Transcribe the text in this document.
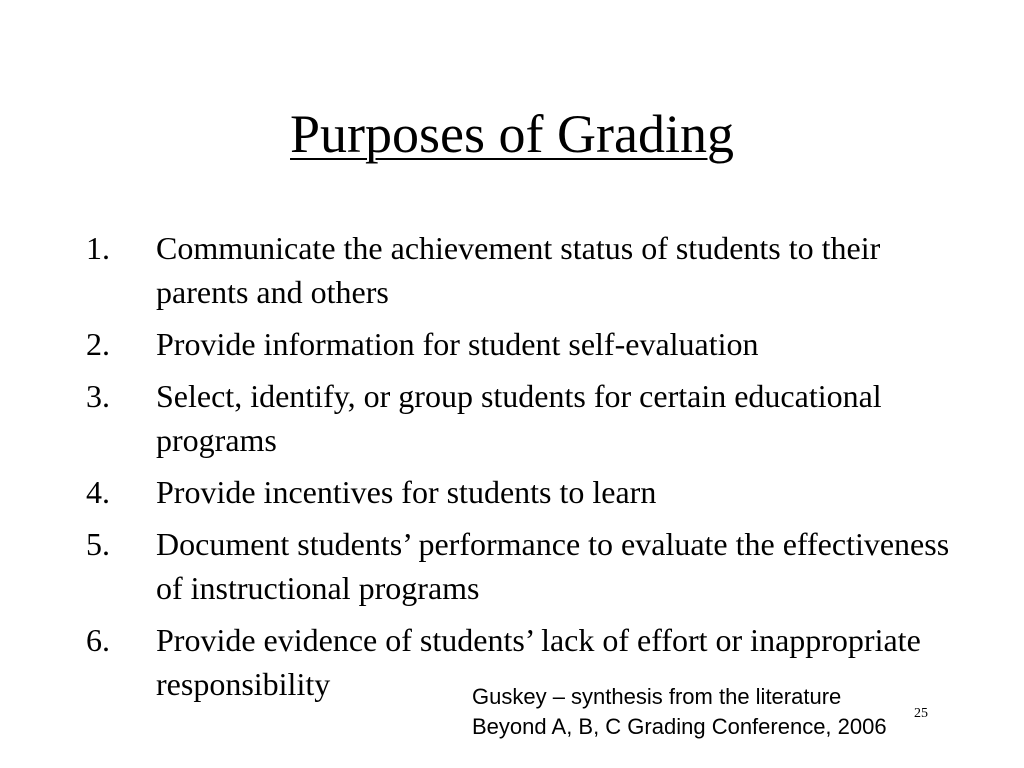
Purposes of Grading
1.	Communicate the achievement status of students to their parents and others
2.	Provide information for student self-evaluation
3.	Select, identify, or group students for certain educational programs
4.	Provide incentives for students to learn
5.	Document students’ performance to evaluate the effectiveness of instructional programs
6.	Provide evidence of students’ lack of effort or inappropriate responsibility	Guskey – synthesis from the literature
Beyond A, B, C Grading Conference, 2006
25
